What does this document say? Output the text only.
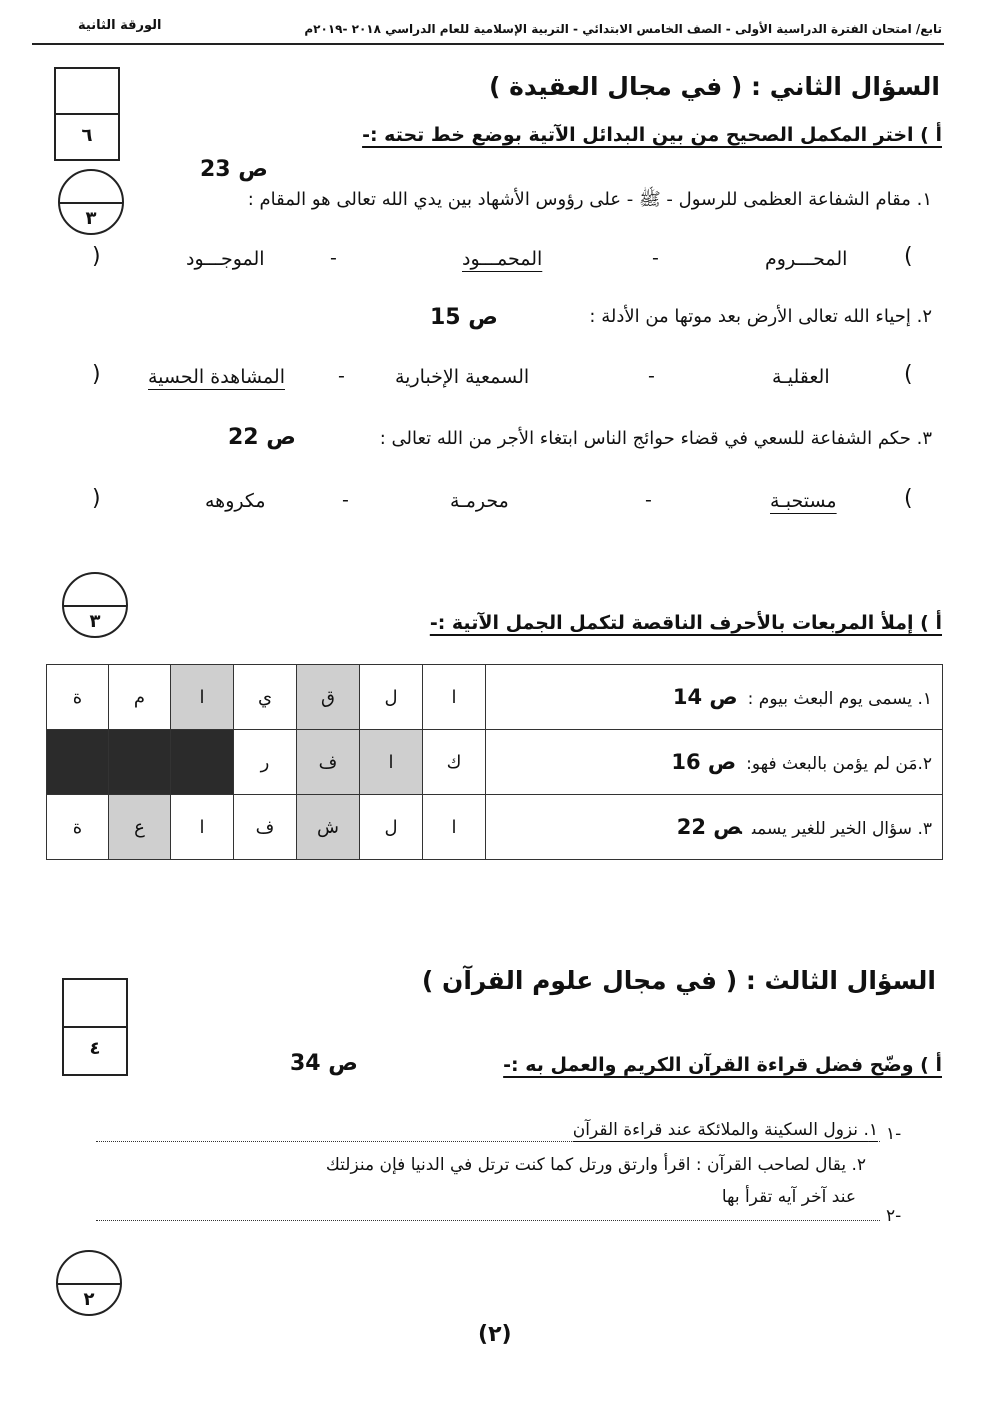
تابع/ امتحان الفترة الدراسية الأولى - الصف الخامس الابتدائي - التربية الإسلامية للعام الدراسي ٢٠١٨ -٢٠١٩م
الورقة الثانية
٦
السؤال الثاني : ( في مجال العقيدة )
أ ) اختر المكمل الصحيح من بين البدائل الآتية بوضع خط تحته :-
٣
ص 23
١. مقام الشفاعة العظمى للرسول - ﷺ - على رؤوس الأشهاد بين يدي الله تعالى هو المقام :
(
المحـــروم
-
المحمـــود
-
الموجـــود
)
٢. إحياء الله تعالى الأرض بعد موتها من الأدلة :
ص 15
(
العقليـة
-
السمعية الإخبارية
-
المشاهدة الحسية
)
٣. حكم الشفاعة للسعي في قضاء حوائج الناس ابتغاء الأجر من الله تعالى :
ص 22
(
مستحبـة
-
محرمـة
-
مكروهه
)
٣	أ ) إملأ المربعات بالأحرف الناقصة لتكمل الجمل الآتية :-
ة	م	ا	ي	ق	ل	ا	١. يسمى يوم البعث بيوم :ص 14
			ر	ف	ا	ك	٢.مَن لم يؤمن بالبعث فهو:ص 16
ة	ع	ا	ف	ش	ل	ا	٣. سؤال الخير للغير يسمىص 22
٤
السؤال الثالث : ( في مجال علوم القرآن )
أ ) وضّح فضل قراءة القرآن الكريم والعمل به :-
ص 34
١-
١. نزول السكينة والملائكة عند قراءة القرآن
٢. يقال لصاحب القرآن : اقرأ وارتق ورتل كما كنت ترتل في الدنيا فإن منزلتك
عند آخر آيه تقرأ بها
٢-
٢
(٢)
